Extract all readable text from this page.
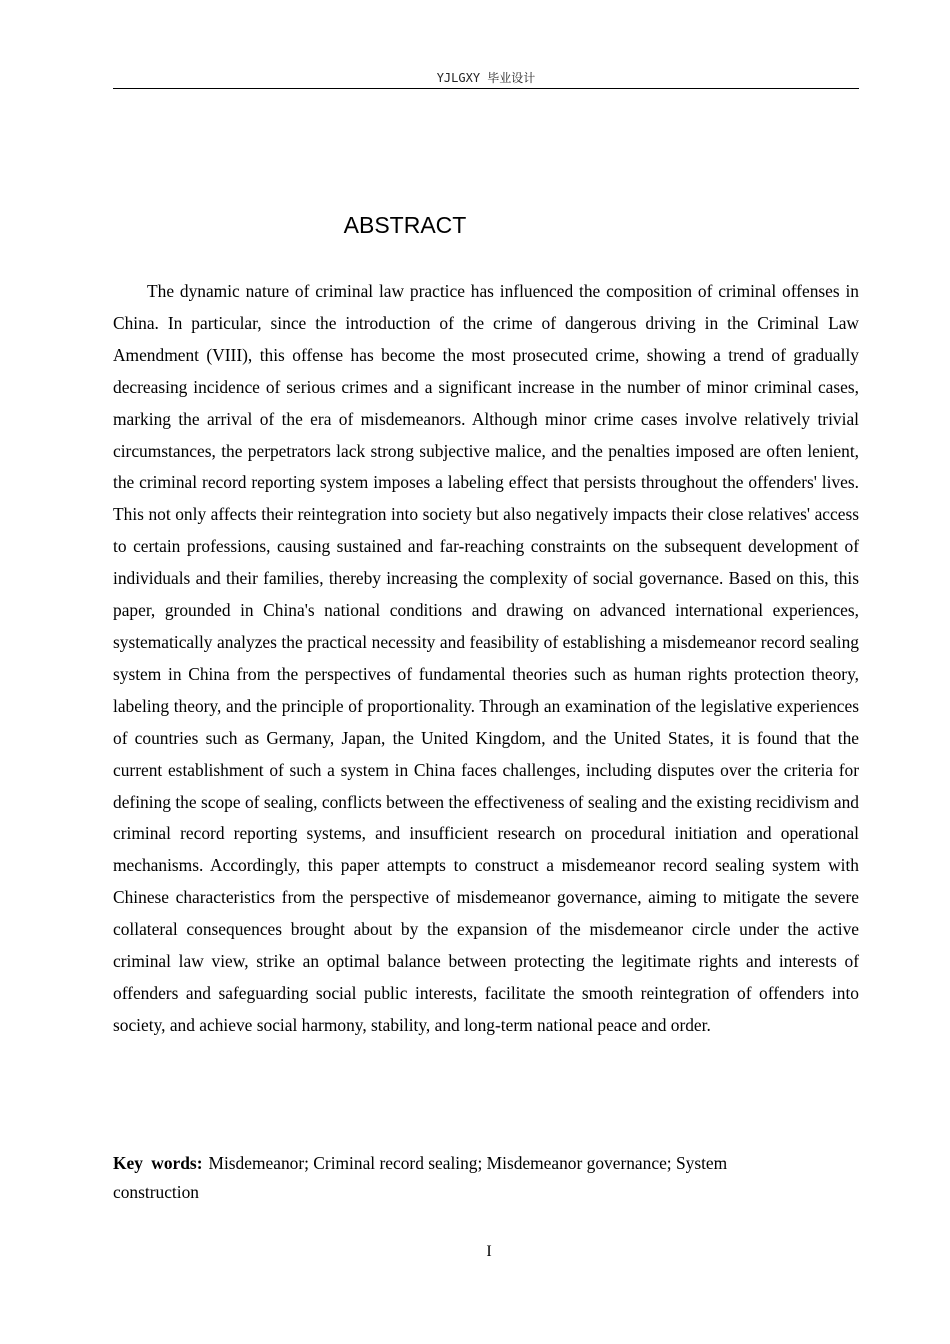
YJLGXY 毕业设计
ABSTRACT

The dynamic nature of criminal law practice has influenced the composition of criminal offenses in China. In particular, since the introduction of the crime of dangerous driving in the Criminal Law Amendment (VIII), this offense has become the most prosecuted crime, showing a trend of gradually decreasing incidence of serious crimes and a significant increase in the number of minor criminal cases, marking the arrival of the era of misdemeanors. Although minor crime cases involve relatively trivial circumstances, the perpetrators lack strong subjective malice, and the penalties imposed are often lenient, the criminal record reporting system imposes a labeling effect that persists throughout the offenders' lives. This not only affects their reintegration into society but also negatively impacts their close relatives' access to certain professions, causing sustained and far-reaching constraints on the subsequent development of individuals and their families, thereby increasing the complexity of social governance. Based on this, this paper, grounded in China's national conditions and drawing on advanced international experiences, systematically analyzes the practical necessity and feasibility of establishing a misdemeanor record sealing system in China from the perspectives of fundamental theories such as human rights protection theory, labeling theory, and the principle of proportionality. Through an examination of the legislative experiences of countries such as Germany, Japan, the United Kingdom, and the United States, it is found that the current establishment of such a system in China faces challenges, including disputes over the criteria for defining the scope of sealing, conflicts between the effectiveness of sealing and the existing recidivism and criminal record reporting systems, and insufficient research on procedural initiation and operational mechanisms. Accordingly, this paper attempts to construct a misdemeanor record sealing system with Chinese characteristics from the perspective of misdemeanor governance, aiming to mitigate the severe collateral consequences brought about by the expansion of the misdemeanor circle under the active criminal law view, strike an optimal balance between protecting the legitimate rights and interests of offenders and safeguarding social public interests, facilitate the smooth reintegration of offenders into society, and achieve social harmony, stability, and long-term national peace and order.

Key words: Misdemeanor; Criminal record sealing; Misdemeanor governance; System construction

I
